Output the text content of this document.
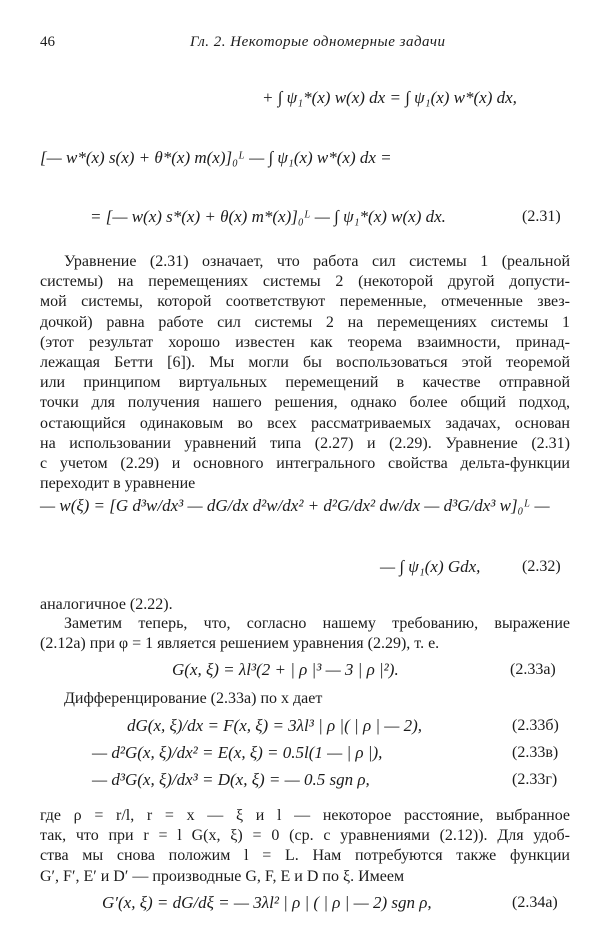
46	Гл. 2. Некоторые одномерные задачи
+ ∫ ψ₁*(x) w(x) dx = ∫ ψ₁(x) w*(x) dx,
[— w*(x) s(x) + θ*(x) m(x)]₀ᴸ — ∫ ψ₁(x) w*(x) dx =
= [— w(x) s*(x) + θ(x) m*(x)]₀ᴸ — ∫ ψ₁*(x) w(x) dx.	(2.31)
Уравнение (2.31) означает, что работа сил системы 1 (реальной
системы) на перемещениях системы 2 (некоторой другой допусти-
мой системы, которой соответствуют переменные, отмеченные звез-
дочкой) равна работе сил системы 2 на перемещениях системы 1
(этот результат хорошо известен как теорема взаимности, принад-
лежащая Бетти [6]). Мы могли бы воспользоваться этой теоремой
или принципом виртуальных перемещений в качестве отправной
точки для получения нашего решения, однако более общий подход,
остающийся одинаковым во всех рассматриваемых задачах, основан
на использовании уравнений типа (2.27) и (2.29). Уравнение (2.31)
с учетом (2.29) и основного интегрального свойства дельта-функции
переходит в уравнение
— w(ξ) = [G d³w/dx³ — dG/dx d²w/dx² + d²G/dx² dw/dx — d³G/dx³ w]₀ᴸ —
— ∫ ψ₁(x) Gdx,	(2.32)
аналогичное (2.22).
Заметим теперь, что, согласно нашему требованию, выражение
(2.12а) при φ = 1 является решением уравнения (2.29), т. е.
G(x, ξ) = λl³(2 + | ρ |³ — 3 | ρ |²).	(2.33а)
Дифференцирование (2.33а) по x дает
dG(x, ξ)/dx = F(x, ξ) = 3λl³ | ρ |( | ρ | — 2),	(2.33б)
— d²G(x, ξ)/dx² = E(x, ξ) = 0.5l(1 — | ρ |),	(2.33в)
— d³G(x, ξ)/dx³ = D(x, ξ) = — 0.5 sgn ρ,	(2.33г)
где ρ = r/l, r = x — ξ и l — некоторое расстояние, выбранное
так, что при r = l G(x, ξ) = 0 (ср. с уравнениями (2.12)). Для удоб-
ства мы снова положим l = L. Нам потребуются также функции
G′, F′, E′ и D′ — производные G, F, E и D по ξ. Имеем
G′(x, ξ) = dG/dξ = — 3λl² | ρ | ( | ρ | — 2) sgn ρ,	(2.34а)
